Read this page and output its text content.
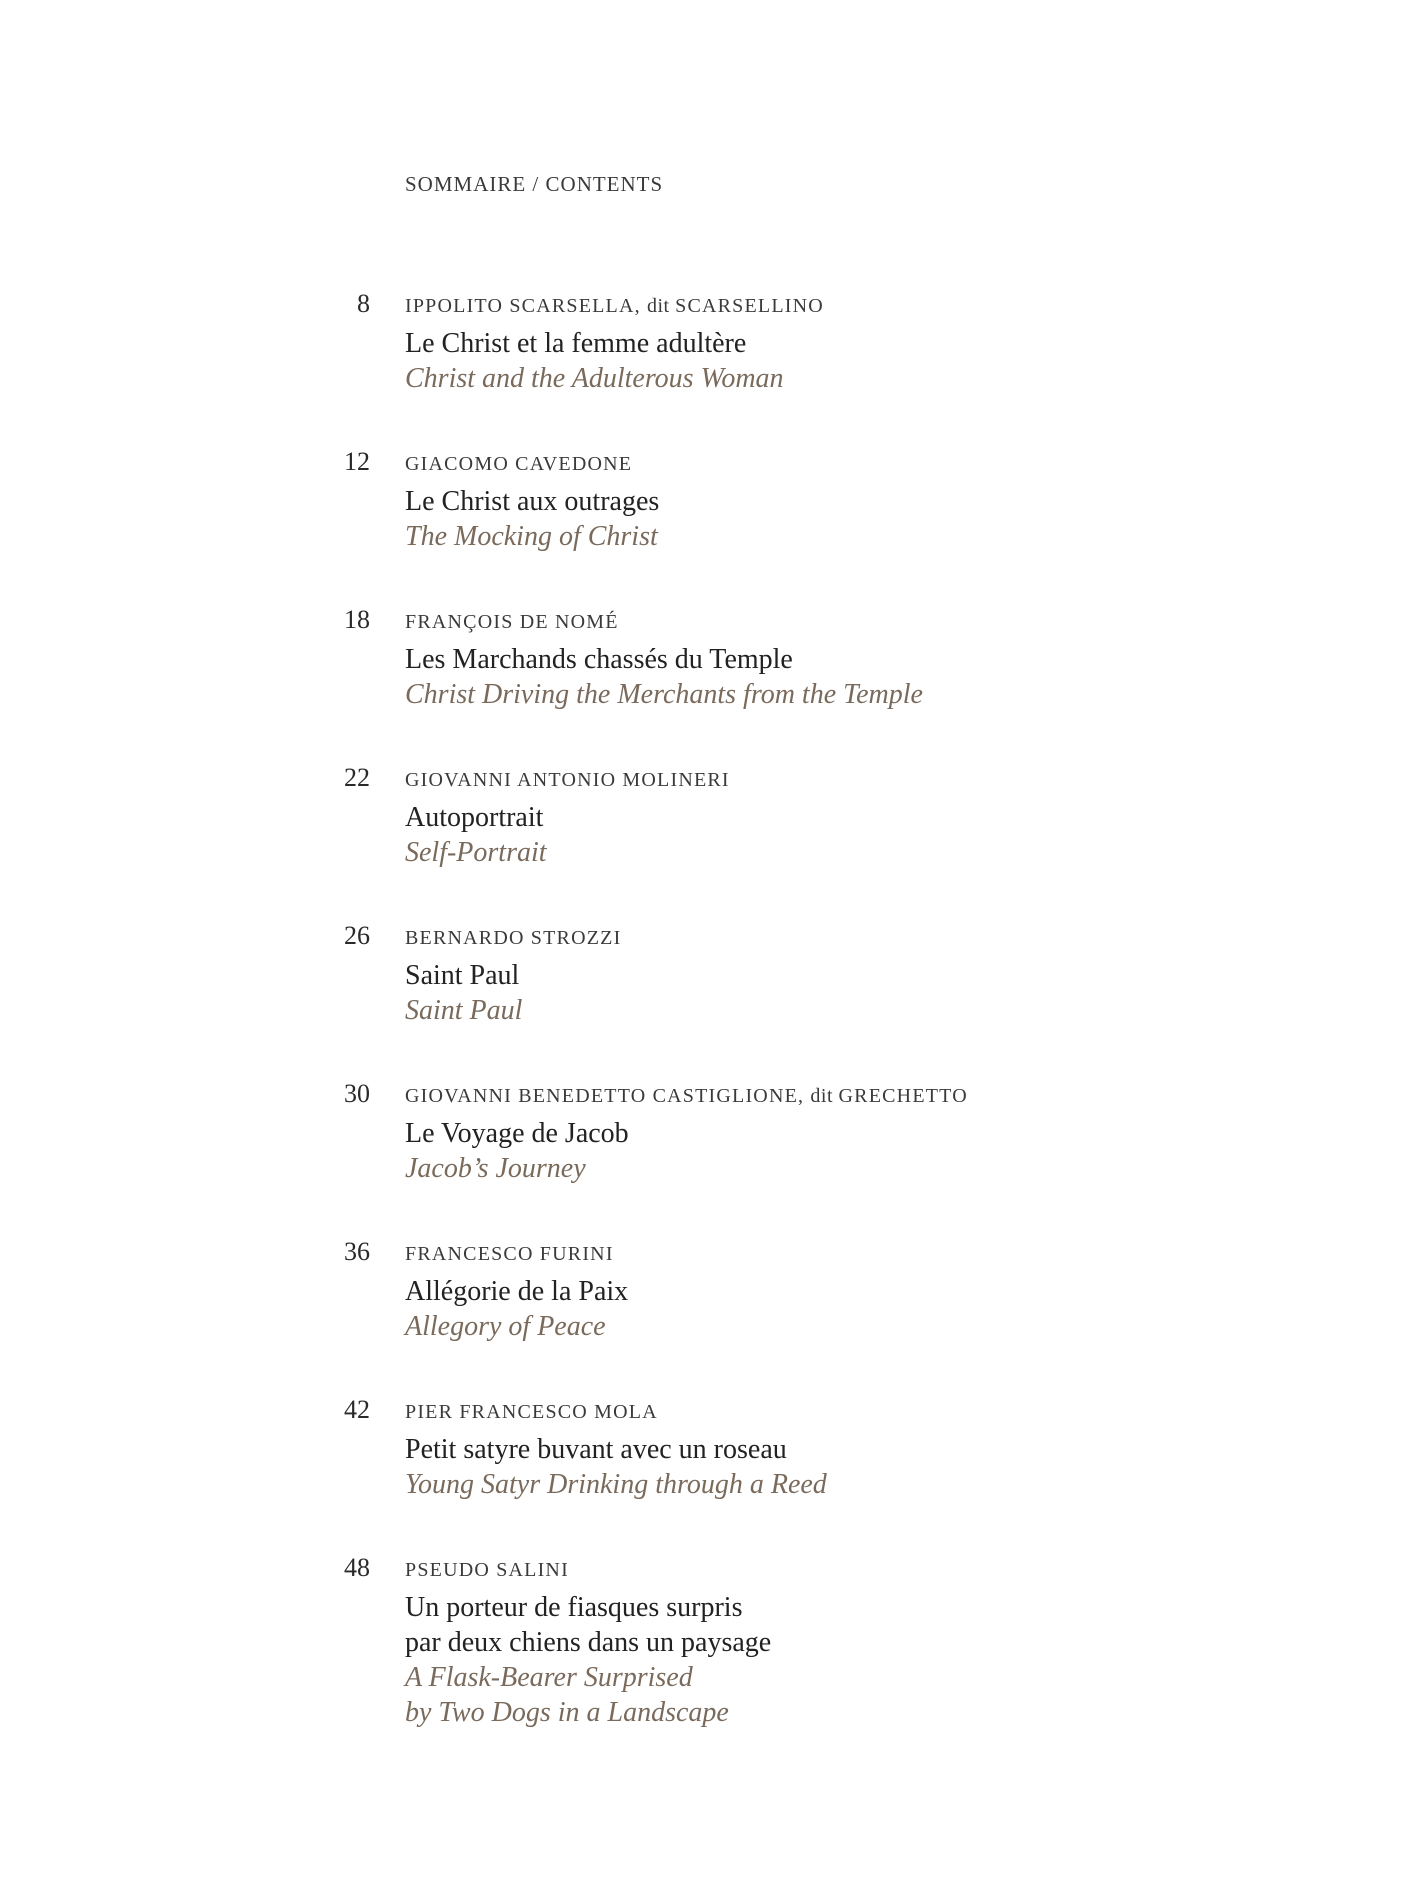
SOMMAIRE / CONTENTS
8 IPPOLITO SCARSELLA, dit SCARSELLINO
Le Christ et la femme adultère
Christ and the Adulterous Woman
12 GIACOMO CAVEDONE
Le Christ aux outrages
The Mocking of Christ
18 FRANÇOIS DE NOMÉ
Les Marchands chassés du Temple
Christ Driving the Merchants from the Temple
22 GIOVANNI ANTONIO MOLINERI
Autoportrait
Self-Portrait
26 BERNARDO STROZZI
Saint Paul
Saint Paul
30 GIOVANNI BENEDETTO CASTIGLIONE, dit GRECHETTO
Le Voyage de Jacob
Jacob’s Journey
36 FRANCESCO FURINI
Allégorie de la Paix
Allegory of Peace
42 PIER FRANCESCO MOLA
Petit satyre buvant avec un roseau
Young Satyr Drinking through a Reed
48 PSEUDO SALINI
Un porteur de fiasques surpris
par deux chiens dans un paysage
A Flask-Bearer Surprised
by Two Dogs in a Landscape
